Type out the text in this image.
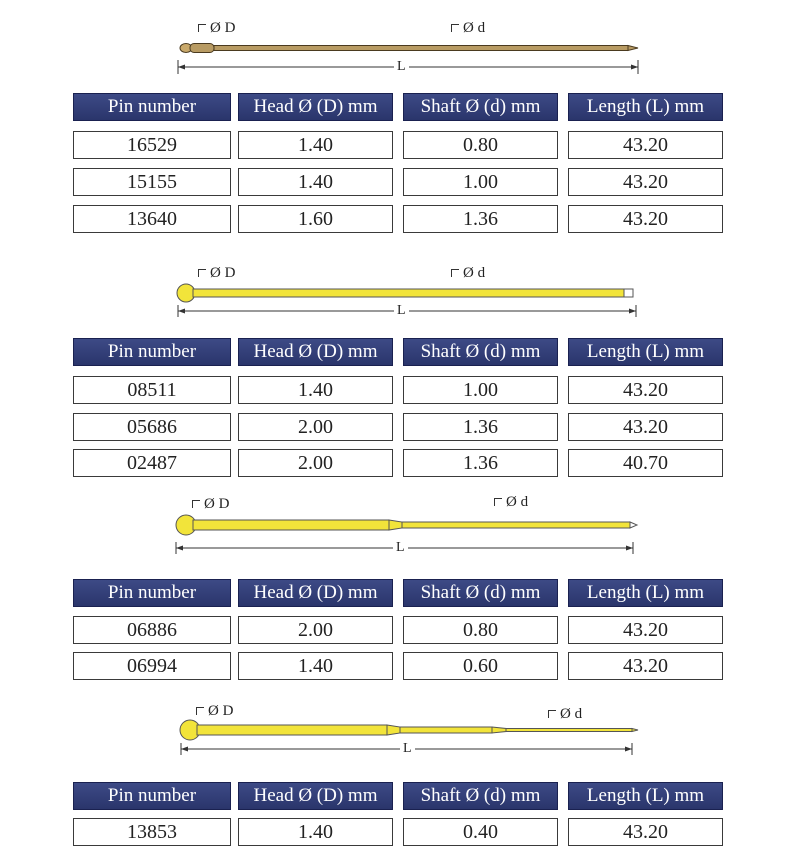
Ø D	Ø d
L
Pin number	Head Ø (D) mm	Shaft Ø (d) mm	Length (L) mm
16529	1.40	0.80	43.20
15155	1.40	1.00	43.20
13640	1.60	1.36	43.20
Ø D	Ø d
L
Pin number	Head Ø (D) mm	Shaft Ø (d) mm	Length (L) mm
08511	1.40	1.00	43.20
05686	2.00	1.36	43.20
02487	2.00	1.36	40.70
Ø D	Ø d
L
Pin number	Head Ø (D) mm	Shaft Ø (d) mm	Length (L) mm
06886	2.00	0.80	43.20
06994	1.40	0.60	43.20
Ø D	Ø d
L
Pin number	Head Ø (D) mm	Shaft Ø (d) mm	Length (L) mm
13853	1.40	0.40	43.20
